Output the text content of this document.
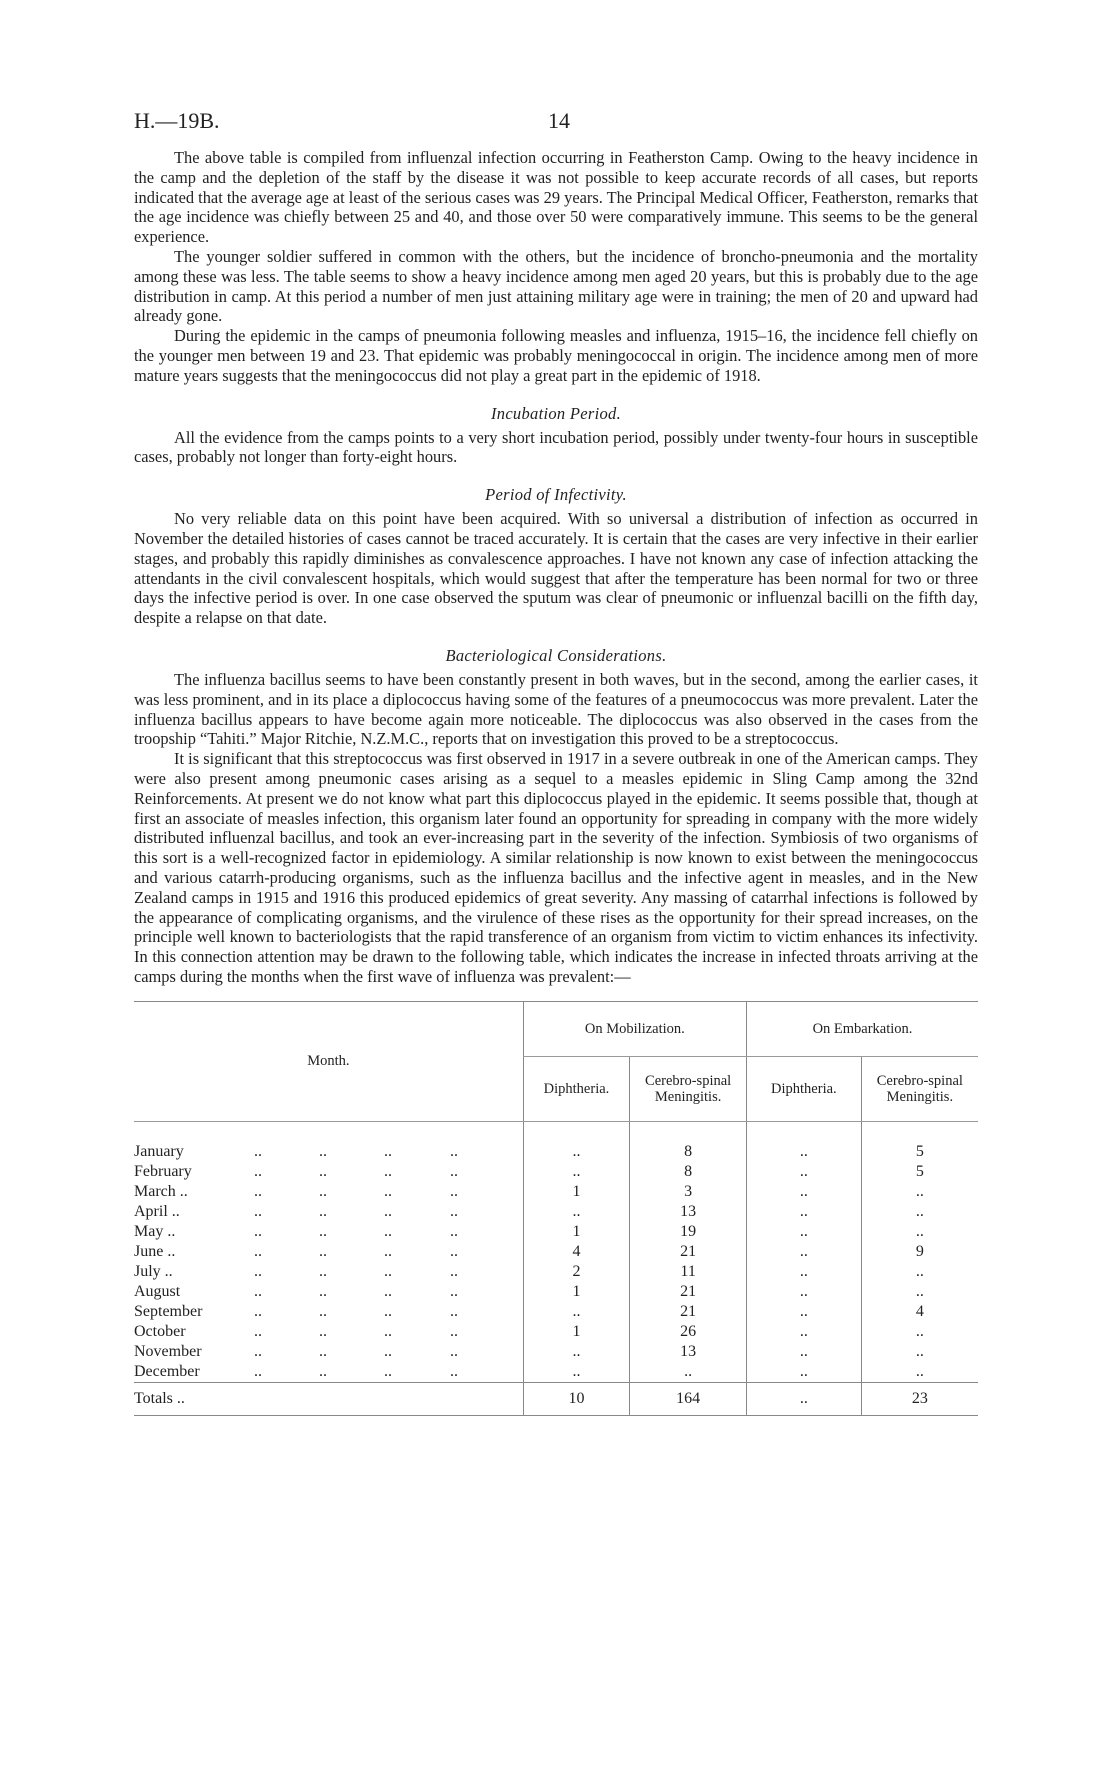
H.—19B.	14

The above table is compiled from influenzal infection occurring in Featherston Camp. Owing to the heavy incidence in the camp and the depletion of the staff by the disease it was not possible to keep accurate records of all cases, but reports indicated that the average age at least of the serious cases was 29 years. The Principal Medical Officer, Featherston, remarks that the age incidence was chiefly between 25 and 40, and those over 50 were comparatively immune. This seems to be the general experience.

The younger soldier suffered in common with the others, but the incidence of broncho-pneumonia and the mortality among these was less. The table seems to show a heavy incidence among men aged 20 years, but this is probably due to the age distribution in camp. At this period a number of men just attaining military age were in training; the men of 20 and upward had already gone.

During the epidemic in the camps of pneumonia following measles and influenza, 1915–16, the incidence fell chiefly on the younger men between 19 and 23. That epidemic was probably meningococcal in origin. The incidence among men of more mature years suggests that the meningococcus did not play a great part in the epidemic of 1918.

Incubation Period.

All the evidence from the camps points to a very short incubation period, possibly under twenty-four hours in susceptible cases, probably not longer than forty-eight hours.

Period of Infectivity.

No very reliable data on this point have been acquired. With so universal a distribution of infection as occurred in November the detailed histories of cases cannot be traced accurately. It is certain that the cases are very infective in their earlier stages, and probably this rapidly diminishes as convalescence approaches. I have not known any case of infection attacking the attendants in the civil convalescent hospitals, which would suggest that after the temperature has been normal for two or three days the infective period is over. In one case observed the sputum was clear of pneumonic or influenzal bacilli on the fifth day, despite a relapse on that date.

Bacteriological Considerations.

The influenza bacillus seems to have been constantly present in both waves, but in the second, among the earlier cases, it was less prominent, and in its place a diplococcus having some of the features of a pneumococcus was more prevalent. Later the influenza bacillus appears to have become again more noticeable. The diplococcus was also observed in the cases from the troopship “Tahiti.” Major Ritchie, N.Z.M.C., reports that on investigation this proved to be a streptococcus.

It is significant that this streptococcus was first observed in 1917 in a severe outbreak in one of the American camps. They were also present among pneumonic cases arising as a sequel to a measles epidemic in Sling Camp among the 32nd Reinforcements. At present we do not know what part this diplococcus played in the epidemic. It seems possible that, though at first an associate of measles infection, this organism later found an opportunity for spreading in company with the more widely distributed influenzal bacillus, and took an ever-increasing part in the severity of the infection. Symbiosis of two organisms of this sort is a well-recognized factor in epidemiology. A similar relationship is now known to exist between the meningococcus and various catarrh-producing organisms, such as the influenza bacillus and the infective agent in measles, and in the New Zealand camps in 1915 and 1916 this produced epidemics of great severity. Any massing of catarrhal infections is followed by the appearance of complicating organisms, and the virulence of these rises as the opportunity for their spread increases, on the principle well known to bacteriologists that the rapid transference of an organism from victim to victim enhances its infectivity. In this connection attention may be drawn to the following table, which indicates the increase in infected throats arriving at the camps during the months when the first wave of influenza was prevalent:—

Month.	On Mobilization.		On Embarkation.	
	Diphtheria.	Cerebro-spinal Meningitis.	Diphtheria.	Cerebro-spinal Meningitis.

January .. .. .. ..	..	8	..	5
February .. .. .. ..	..	8	..	5
March .. .. .. .. ..	1	3	..	..
April .. .. .. .. ..	..	13	..	..
May .. .. .. .. ..	1	19	..	..
June .. .. .. .. ..	4	21	..	9
July .. .. .. .. ..	2	11	..	..
August .. .. .. ..	1	21	..	..
September .. .. .. ..	..	21	..	4
October .. .. .. ..	1	26	..	..
November .. .. .. ..	..	13	..	..
December .. .. .. ..	..	..	..	..
Totals ..	10	164	..	23
